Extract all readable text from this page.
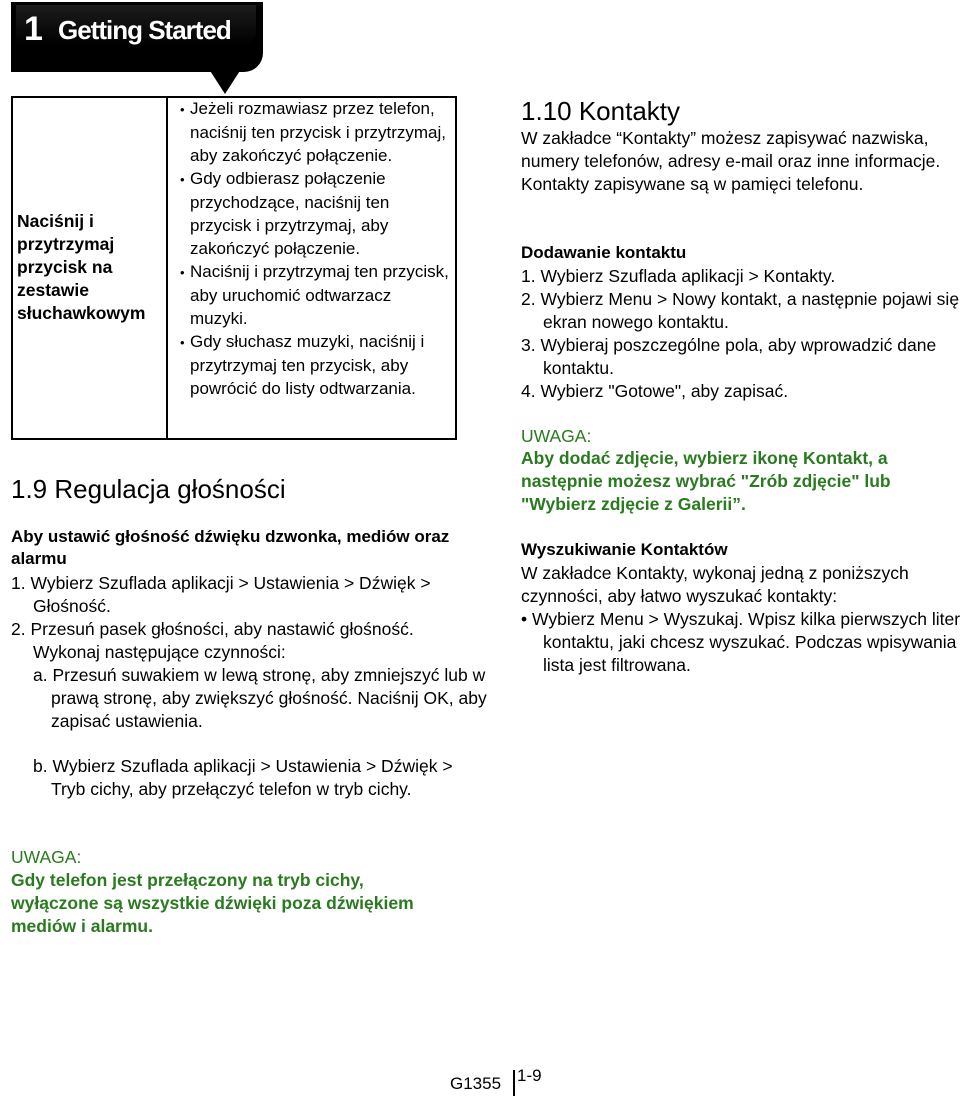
1 Getting Started
Naciśnij i przytrzymaj przycisk na zestawie słuchawkowym
• Jeżeli rozmawiasz przez telefon, naciśnij ten przycisk i przytrzymaj, aby zakończyć połączenie.
• Gdy odbierasz połączenie przychodzące, naciśnij ten przycisk i przytrzymaj, aby zakończyć połączenie.
• Naciśnij i przytrzymaj ten przycisk, aby uruchomić odtwarzacz muzyki.
• Gdy słuchasz muzyki, naciśnij i przytrzymaj ten przycisk, aby powrócić do listy odtwarzania.
1.9 Regulacja głośności
Aby ustawić głośność dźwięku dzwonka, mediów oraz alarmu
1. Wybierz Szuflada aplikacji > Ustawienia > Dźwięk > Głośność.
2. Przesuń pasek głośności, aby nastawić głośność. Wykonaj następujące czynności:
a. Przesuń suwakiem w lewą stronę, aby zmniejszyć lub w prawą stronę, aby zwiększyć głośność. Naciśnij OK, aby zapisać ustawienia.
b. Wybierz Szuflada aplikacji > Ustawienia > Dźwięk > Tryb cichy, aby przełączyć telefon w tryb cichy.
UWAGA:
Gdy telefon jest przełączony na tryb cichy, wyłączone są wszystkie dźwięki poza dźwiękiem mediów i alarmu.
1.10 Kontakty
W zakładce “Kontakty” możesz zapisywać nazwiska, numery telefonów, adresy e-mail oraz inne informacje. Kontakty zapisywane są w pamięci telefonu.
Dodawanie kontaktu
1. Wybierz Szuflada aplikacji > Kontakty.
2. Wybierz Menu > Nowy kontakt, a następnie pojawi się ekran nowego kontaktu.
3. Wybieraj poszczególne pola, aby wprowadzić dane kontaktu.
4. Wybierz "Gotowe", aby zapisać.
UWAGA:
Aby dodać zdjęcie, wybierz ikonę Kontakt, a następnie możesz wybrać "Zrób zdjęcie" lub "Wybierz zdjęcie z Galerii”.
Wyszukiwanie Kontaktów
W zakładce Kontakty, wykonaj jedną z poniższych czynności, aby łatwo wyszukać kontakty:
• Wybierz Menu > Wyszukaj. Wpisz kilka pierwszych liter kontaktu, jaki chcesz wyszukać. Podczas wpisywania lista jest filtrowana.
G1355 1-9
